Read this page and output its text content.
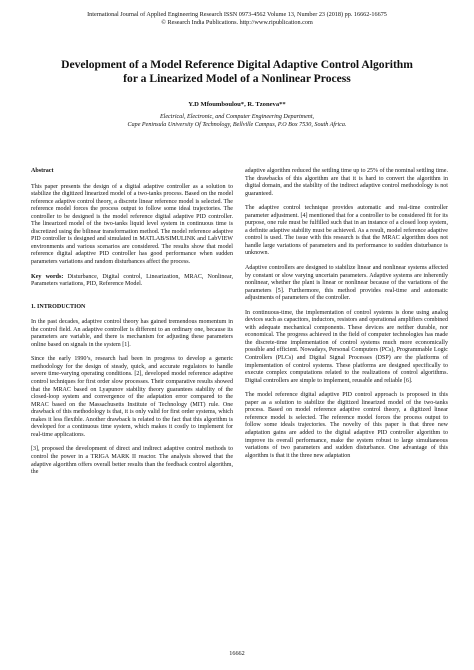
International Journal of Applied Engineering Research ISSN 0973-4562 Volume 13, Number 23 (2018) pp. 16662-16675
© Research India Publications. http://www.ripublication.com
Development of a Model Reference Digital Adaptive Control Algorithm
for a Linearized Model of a Nonlinear Process
Y.D Mfoumboulou*, R. Tzoneva**
Electrical, Electronic, and Computer Engineering Department,
Cape Peninsula University Of Technology, Bellville Campus, P.O Box 7530, South Africa.
Abstract

This paper presents the design of a digital adaptive controller as a solution to stabilize the digitized linearized model of a two-tanks process. Based on the model reference adaptive control theory, a discrete linear reference model is selected. The reference model forces the process output to follow some ideal trajectories. The controller to be designed is the model reference digital adaptive PID controller. The linearized model of the two-tanks liquid level system in continuous time is discretized using the bilinear transformation method. The model reference adaptive PID controller is designed and simulated in MATLAB/SIMULINK and LabVIEW environments and various scenarios are considered. The results show that model reference digital adaptive PID controller has good performance when sudden parameters variations and random disturbances affect the process.

Key words: Disturbance, Digital control, Linearization, MRAC, Nonlinear, Parameters variations, PID, Reference Model.

1. INTRODUCTION

In the past decades, adaptive control theory has gained tremendous momentum in the control field. An adaptive controller is different to an ordinary one, because its parameters are variable, and there is mechanism for adjusting these parameters online based on signals in the system [1].

Since the early 1990’s, research had been in progress to develop a generic methodology for the design of steady, quick, and accurate regulators to handle severe time-varying operating conditions. [2], developed model reference adaptive control techniques for first order slow processes. Their comparative results showed that the MRAC based on Lyapunov stability theory guarantees stability of the closed-loop system and convergence of the adaptation error compared to the MRAC based on the Massachusetts Institute of Technology (MIT) rule. One drawback of this methodology is that, it is only valid for first order systems, which makes it less flexible. Another drawback is related to the fact that this algorithm is developed for a continuous time system, which makes it costly to implement for real-time applications.

[3], proposed the development of direct and indirect adaptive control methods to control the power in a TRIGA MARK II reactor. The analysis showed that the adaptive algorithm offers overall better results than the feedback control algorithm, the

adaptive algorithm reduced the settling time up to 25% of the nominal settling time. The drawbacks of this algorithm are that it is hard to convert the algorithm in digital domain, and the stability of the indirect adaptive control methodology is not guaranteed.

The adaptive control technique provides automatic and real-time controller parameter adjustment. [4] mentioned that for a controller to be considered fit for its purpose, one rule must be fulfilled such that in an instance of a closed loop system, a definite adaptive stability must be achieved. As a result, model reference adaptive control is used. The issue with this research is that the MRAC algorithm does not handle large variations of parameters and its performance to sudden disturbance is unknown.

Adaptive controllers are designed to stabilize linear and nonlinear systems affected by constant or slow varying uncertain parameters. Adaptive systems are inherently nonlinear, whether the plant is linear or nonlinear because of the variations of the parameters [5]. Furthermore, this method provides real-time and automatic adjustments of parameters of the controller.

In continuous-time, the implementation of control systems is done using analog devices such as capacitors, inductors, resistors and operational amplifiers combined with adequate mechanical components. These devices are neither durable, nor economical. The progress achieved in the field of computer technologies has made the discrete-time implementation of control systems much more economically possible and efficient. Nowadays, Personal Computers (PCs), Programmable Logic Controllers (PLCs) and Digital Signal Processes (DSP) are the platforms of implementation of control systems. These platforms are designed specifically to execute complex computations related to the realizations of control algorithms. Digital controllers are simple to implement, reusable and reliable [6].

The model reference digital adaptive PID control approach is proposed in this paper as a solution to stabilize the digitized linearized model of the two-tanks process. Based on model reference adaptive control theory, a digitized linear reference model is selected. The reference model forces the process output to follow some ideals trajectories. The novelty of this paper is that three new adaptation gains are added to the digital adaptive PID controller algorithm to improve its overall performance, make the system robust to large simultaneous variations of two parameters and sudden disturbance. One advantage of this algorithm is that it the three new adaptation

16662
